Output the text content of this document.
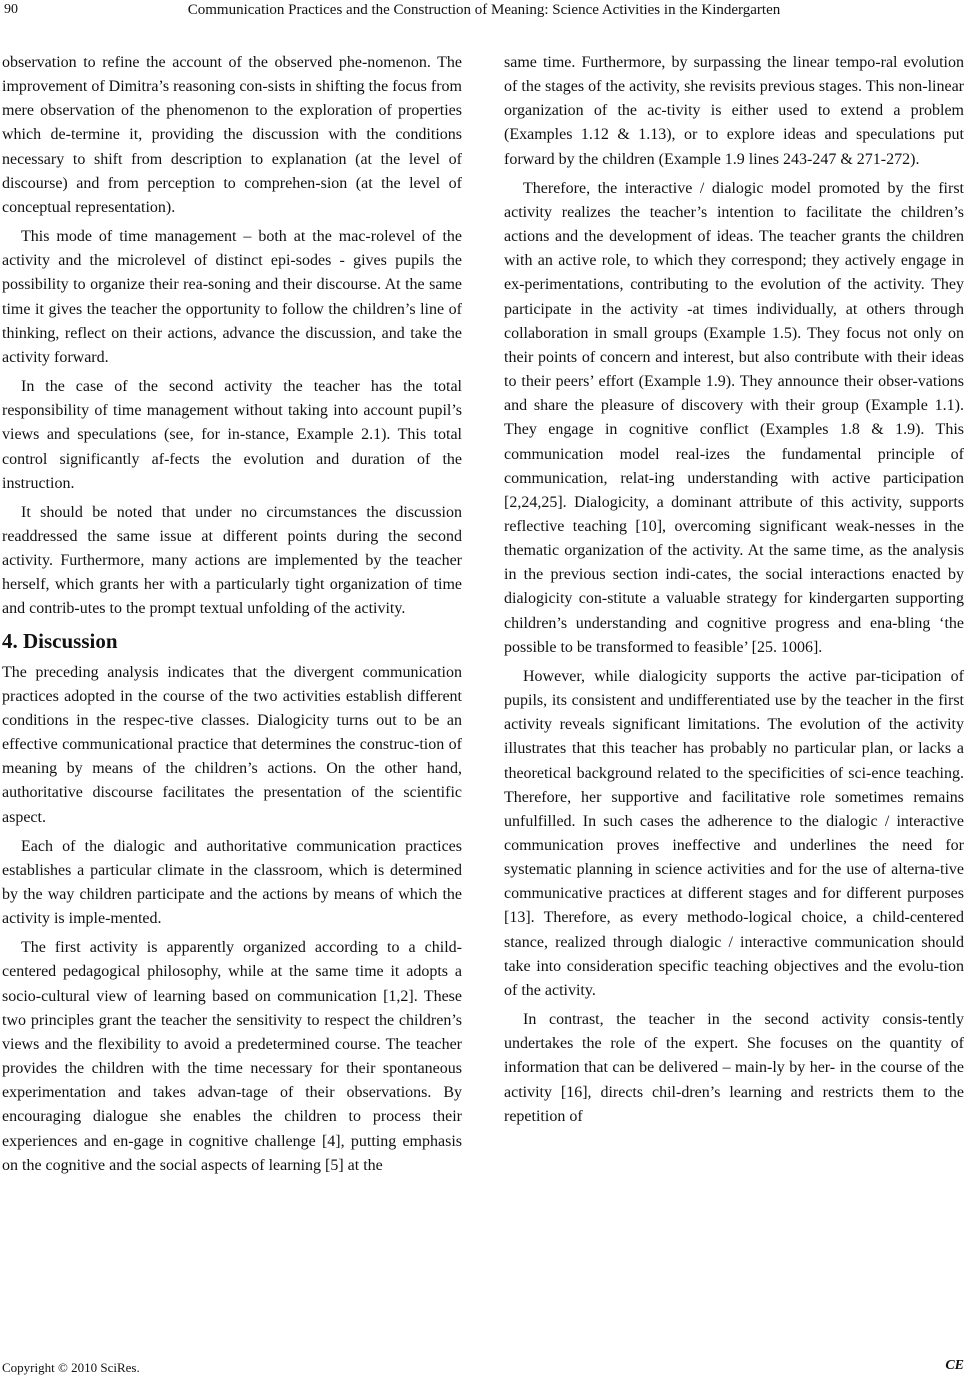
90	Communication Practices and the Construction of Meaning: Science Activities in the Kindergarten

observation to refine the account of the observed phe-nomenon. The improvement of Dimitra’s reasoning con-sists in shifting the focus from mere observation of the phenomenon to the exploration of properties which de-termine it, providing the discussion with the conditions necessary to shift from description to explanation (at the level of discourse) and from perception to comprehen-sion (at the level of conceptual representation).

This mode of time management – both at the mac-rolevel of the activity and the microlevel of distinct epi-sodes - gives pupils the possibility to organize their rea-soning and their discourse. At the same time it gives the teacher the opportunity to follow the children’s line of thinking, reflect on their actions, advance the discussion, and take the activity forward.

In the case of the second activity the teacher has the total responsibility of time management without taking into account pupil’s views and speculations (see, for in-stance, Example 2.1). This total control significantly af-fects the evolution and duration of the instruction.

It should be noted that under no circumstances the discussion readdressed the same issue at different points during the second activity. Furthermore, many actions are implemented by the teacher herself, which grants her with a particularly tight organization of time and contrib-utes to the prompt textual unfolding of the activity.

4. Discussion

The preceding analysis indicates that the divergent communication practices adopted in the course of the two activities establish different conditions in the respec-tive classes. Dialogicity turns out to be an effective communicational practice that determines the construc-tion of meaning by means of the children’s actions. On the other hand, authoritative discourse facilitates the presentation of the scientific aspect.

Each of the dialogic and authoritative communication practices establishes a particular climate in the classroom, which is determined by the way children participate and the actions by means of which the activity is imple-mented.

The first activity is apparently organized according to a child-centered pedagogical philosophy, while at the same time it adopts a socio-cultural view of learning based on communication [1,2]. These two principles grant the teacher the sensitivity to respect the children’s views and the flexibility to avoid a predetermined course. The teacher provides the children with the time necessary for their spontaneous experimentation and takes advan-tage of their observations. By encouraging dialogue she enables the children to process their experiences and en-gage in cognitive challenge [4], putting emphasis on the cognitive and the social aspects of learning [5] at the

same time. Furthermore, by surpassing the linear tempo-ral evolution of the stages of the activity, she revisits previous stages. This non-linear organization of the ac-tivity is either used to extend a problem (Examples 1.12 & 1.13), or to explore ideas and speculations put forward by the children (Example 1.9 lines 243-247 & 271-272).

Therefore, the interactive / dialogic model promoted by the first activity realizes the teacher’s intention to facilitate the children’s actions and the development of ideas. The teacher grants the children with an active role, to which they correspond; they actively engage in ex-perimentations, contributing to the evolution of the activity. They participate in the activity -at times individually, at others through collaboration in small groups (Example 1.5). They focus not only on their points of concern and interest, but also contribute with their ideas to their peers’ effort (Example 1.9). They announce their obser-vations and share the pleasure of discovery with their group (Example 1.1). They engage in cognitive conflict (Examples 1.8 & 1.9). This communication model real-izes the fundamental principle of communication, relat-ing understanding with active participation [2,24,25]. Dialogicity, a dominant attribute of this activity, supports reflective teaching [10], overcoming significant weak-nesses in the thematic organization of the activity. At the same time, as the analysis in the previous section indi-cates, the social interactions enacted by dialogicity con-stitute a valuable strategy for kindergarten supporting children’s understanding and cognitive progress and ena-bling ‘the possible to be transformed to feasible’ [25. 1006].

However, while dialogicity supports the active par-ticipation of pupils, its consistent and undifferentiated use by the teacher in the first activity reveals significant limitations. The evolution of the activity illustrates that this teacher has probably no particular plan, or lacks a theoretical background related to the specificities of sci-ence teaching. Therefore, her supportive and facilitative role sometimes remains unfulfilled. In such cases the adherence to the dialogic / interactive communication proves ineffective and underlines the need for systematic planning in science activities and for the use of alterna-tive communicative practices at different stages and for different purposes [13]. Therefore, as every methodo-logical choice, a child-centered stance, realized through dialogic / interactive communication should take into consideration specific teaching objectives and the evolu-tion of the activity.

In contrast, the teacher in the second activity consis-tently undertakes the role of the expert. She focuses on the quantity of information that can be delivered – main-ly by her- in the course of the activity [16], directs chil-dren’s learning and restricts them to the repetition of

Copyright © 2010 SciRes.	CE
